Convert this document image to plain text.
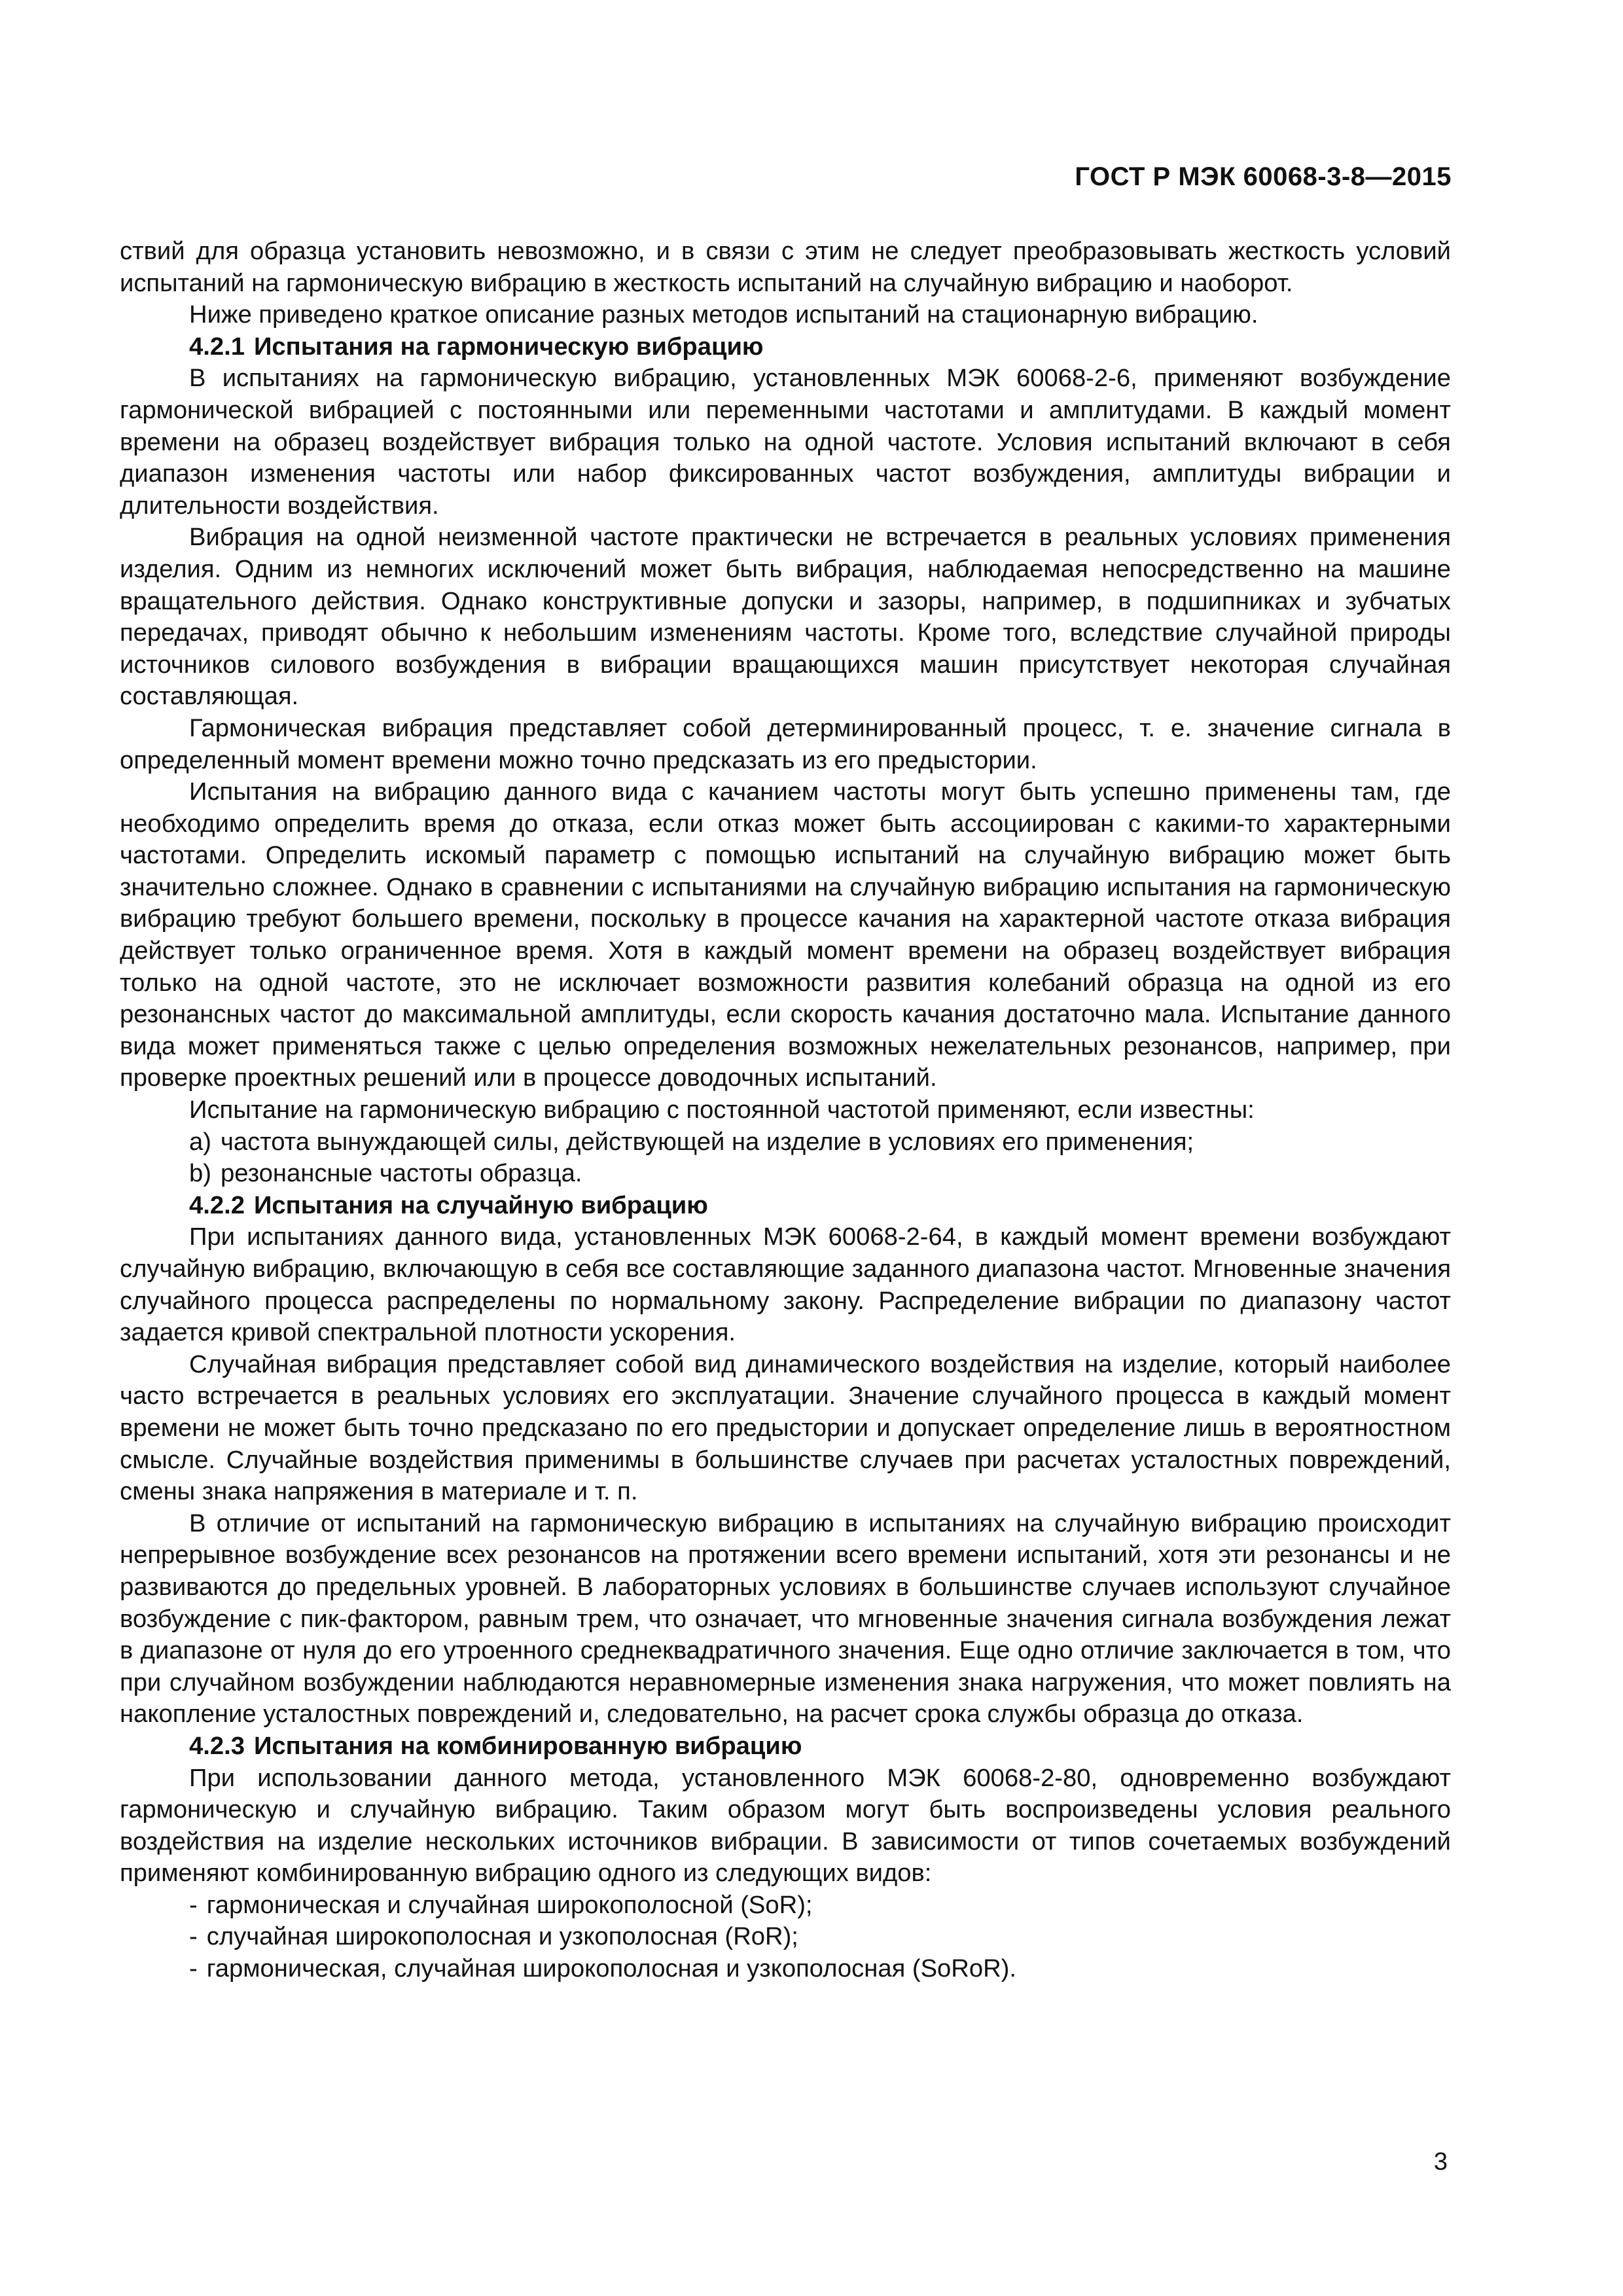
ГОСТ Р МЭК 60068-3-8—2015

ствий для образца установить невозможно, и в связи с этим не следует преобразовывать жесткость условий испытаний на гармоническую вибрацию в жесткость испытаний на случайную вибрацию и наоборот.

Ниже приведено краткое описание разных методов испытаний на стационарную вибрацию.

4.2.1 Испытания на гармоническую вибрацию

В испытаниях на гармоническую вибрацию, установленных МЭК 60068-2-6, применяют возбуждение гармонической вибрацией с постоянными или переменными частотами и амплитудами. В каждый момент времени на образец воздействует вибрация только на одной частоте. Условия испытаний включают в себя диапазон изменения частоты или набор фиксированных частот возбуждения, амплитуды вибрации и длительности воздействия.

Вибрация на одной неизменной частоте практически не встречается в реальных условиях применения изделия. Одним из немногих исключений может быть вибрация, наблюдаемая непосредственно на машине вращательного действия. Однако конструктивные допуски и зазоры, например, в подшипниках и зубчатых передачах, приводят обычно к небольшим изменениям частоты. Кроме того, вследствие случайной природы источников силового возбуждения в вибрации вращающихся машин присутствует некоторая случайная составляющая.

Гармоническая вибрация представляет собой детерминированный процесс, т. е. значение сигнала в определенный момент времени можно точно предсказать из его предыстории.

Испытания на вибрацию данного вида с качанием частоты могут быть успешно применены там, где необходимо определить время до отказа, если отказ может быть ассоциирован с какими-то характерными частотами. Определить искомый параметр с помощью испытаний на случайную вибрацию может быть значительно сложнее. Однако в сравнении с испытаниями на случайную вибрацию испытания на гармоническую вибрацию требуют большего времени, поскольку в процессе качания на характерной частоте отказа вибрация действует только ограниченное время. Хотя в каждый момент времени на образец воздействует вибрация только на одной частоте, это не исключает возможности развития колебаний образца на одной из его резонансных частот до максимальной амплитуды, если скорость качания достаточно мала. Испытание данного вида может применяться также с целью определения возможных нежелательных резонансов, например, при проверке проектных решений или в процессе доводочных испытаний.

Испытание на гармоническую вибрацию с постоянной частотой применяют, если известны:

a) частота вынуждающей силы, действующей на изделие в условиях его применения;
b) резонансные частоты образца.
4.2.2 Испытания на случайную вибрацию

При испытаниях данного вида, установленных МЭК 60068-2-64, в каждый момент времени возбуждают случайную вибрацию, включающую в себя все составляющие заданного диапазона частот. Мгновенные значения случайного процесса распределены по нормальному закону. Распределение вибрации по диапазону частот задается кривой спектральной плотности ускорения.

Случайная вибрация представляет собой вид динамического воздействия на изделие, который наиболее часто встречается в реальных условиях его эксплуатации. Значение случайного процесса в каждый момент времени не может быть точно предсказано по его предыстории и допускает определение лишь в вероятностном смысле. Случайные воздействия применимы в большинстве случаев при расчетах усталостных повреждений, смены знака напряжения в материале и т. п.

В отличие от испытаний на гармоническую вибрацию в испытаниях на случайную вибрацию происходит непрерывное возбуждение всех резонансов на протяжении всего времени испытаний, хотя эти резонансы и не развиваются до предельных уровней. В лабораторных условиях в большинстве случаев используют случайное возбуждение с пик-фактором, равным трем, что означает, что мгновенные значения сигнала возбуждения лежат в диапазоне от нуля до его утроенного среднеквадратичного значения. Еще одно отличие заключается в том, что при случайном возбуждении наблюдаются неравномерные изменения знака нагружения, что может повлиять на накопление усталостных повреждений и, следовательно, на расчет срока службы образца до отказа.

4.2.3 Испытания на комбинированную вибрацию

При использовании данного метода, установленного МЭК 60068-2-80, одновременно возбуждают гармоническую и случайную вибрацию. Таким образом могут быть воспроизведены условия реального воздействия на изделие нескольких источников вибрации. В зависимости от типов сочетаемых возбуждений применяют комбинированную вибрацию одного из следующих видов:

- гармоническая и случайная широкополосной (SoR);
- случайная широкополосная и узкополосная (RoR);
- гармоническая, случайная широкополосная и узкополосная (SoRoR).
3
